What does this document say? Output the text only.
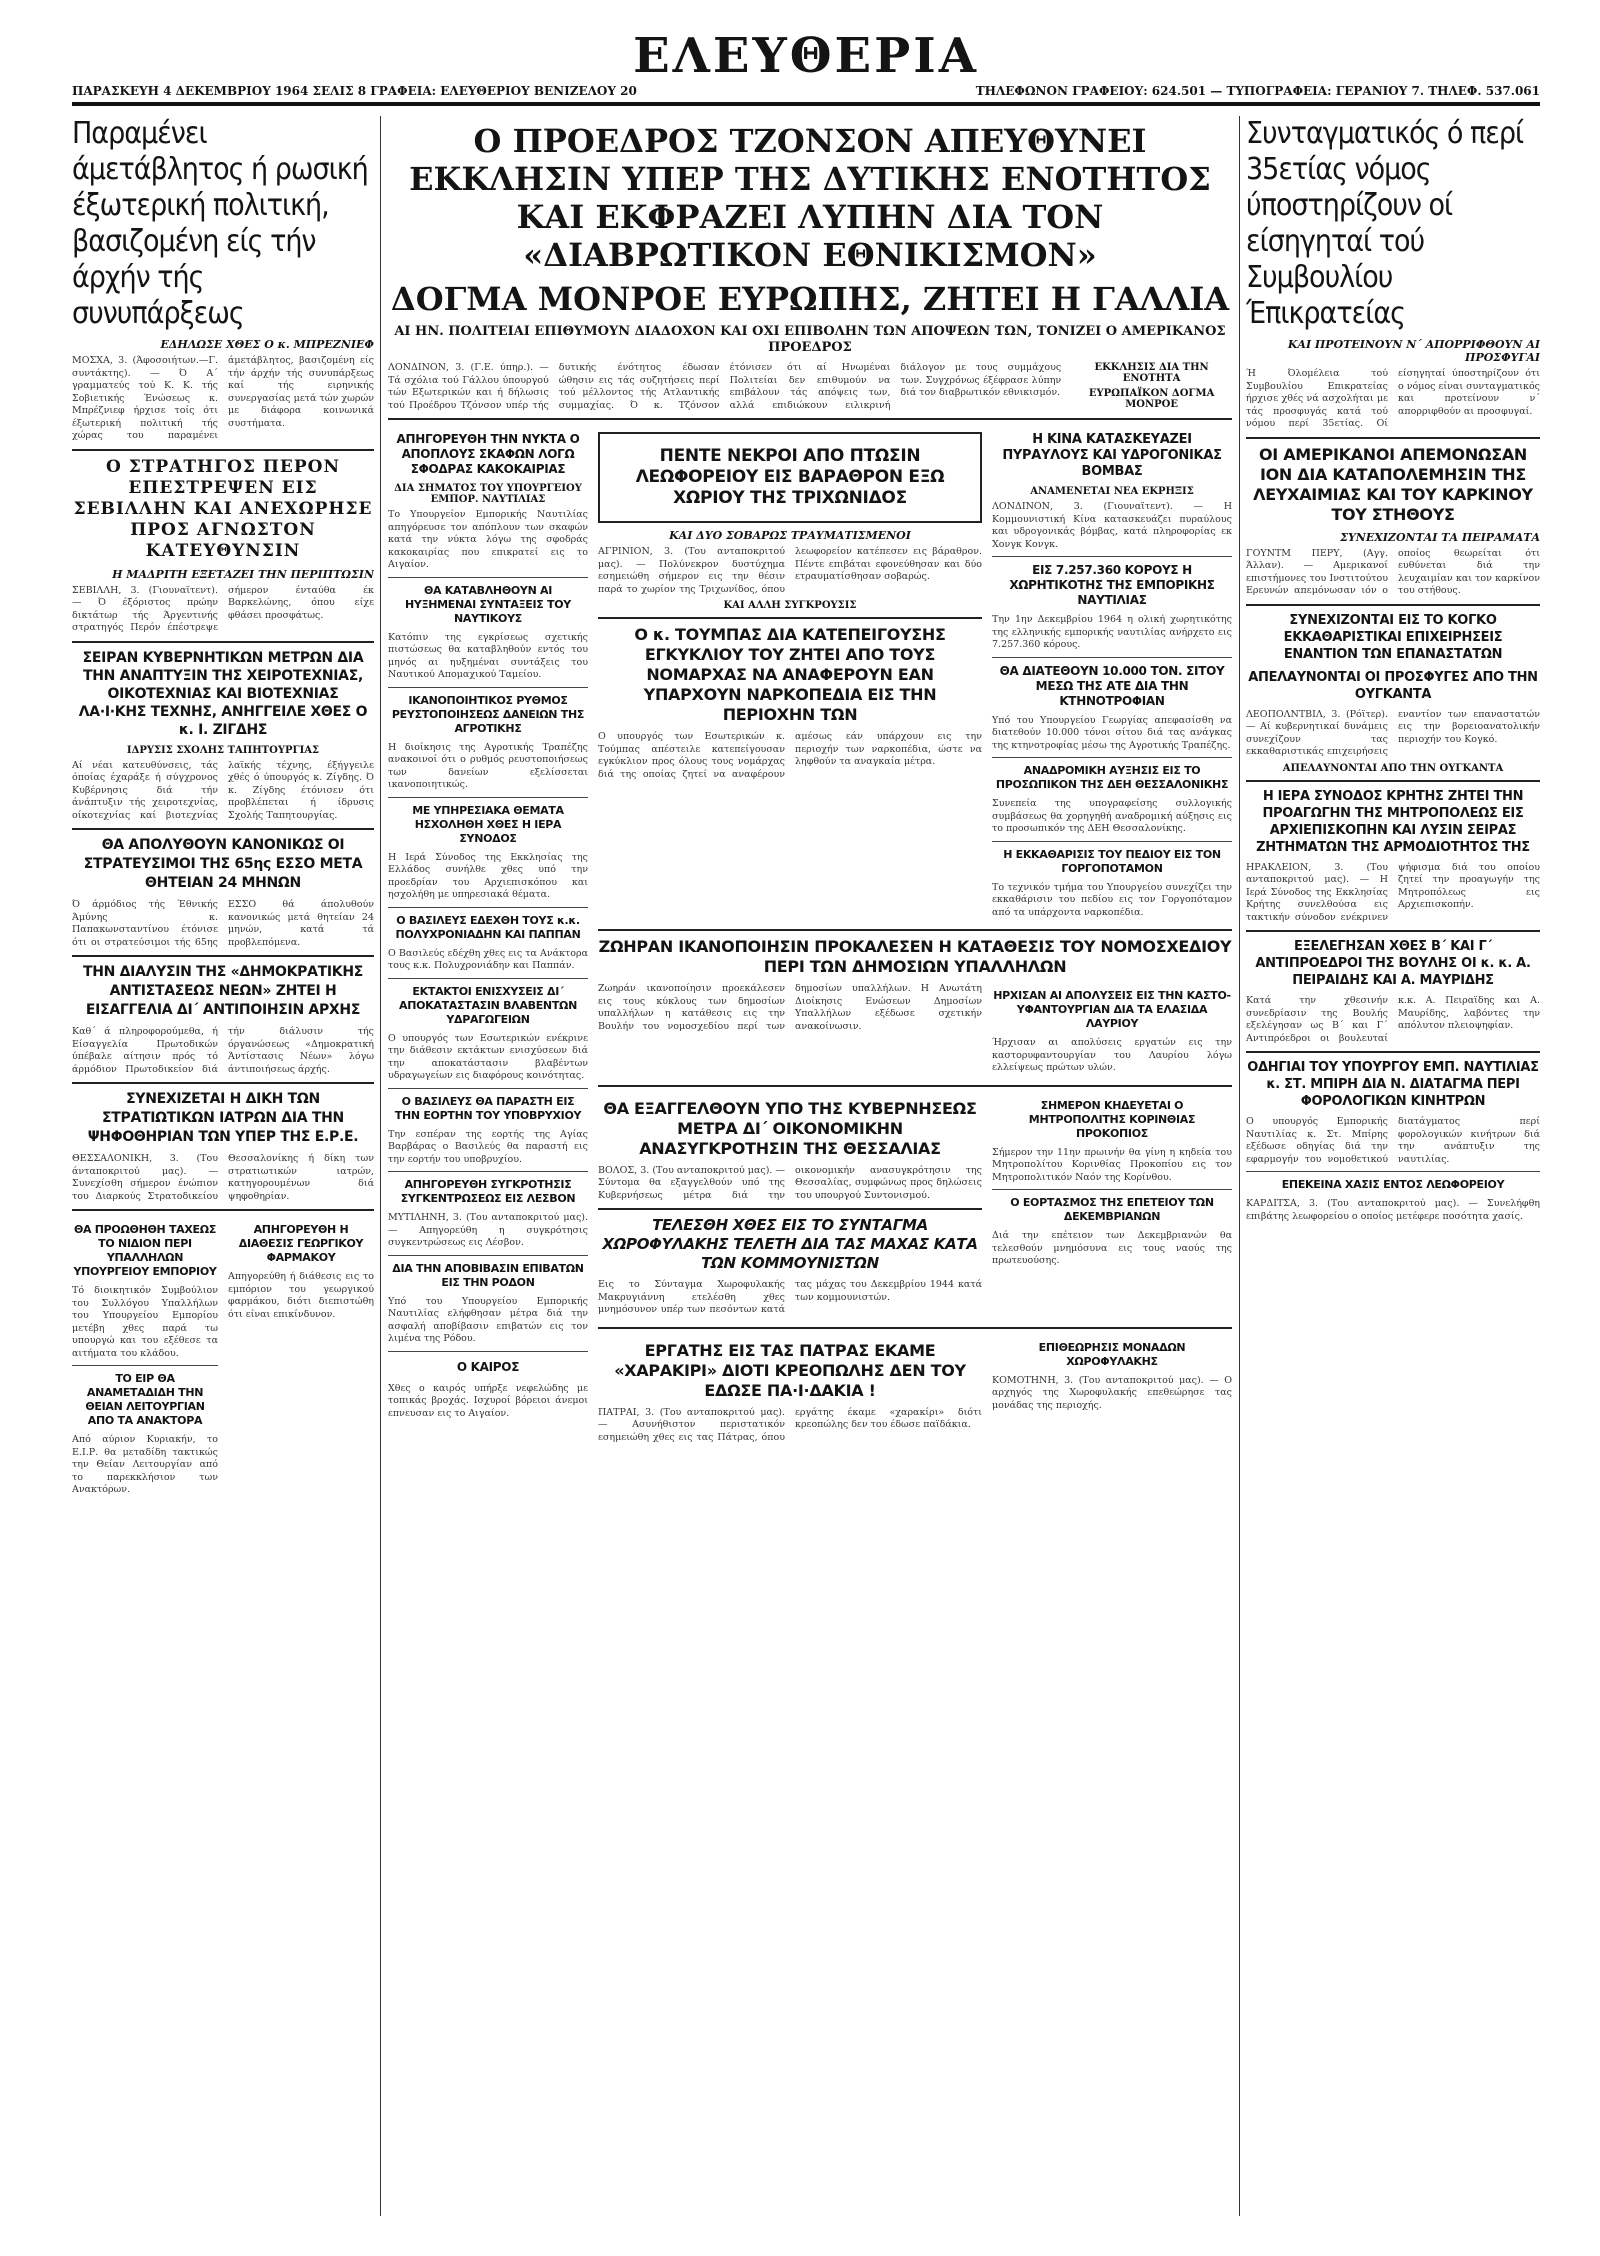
ΠΑΡΑΣΚΕΥΗ 4 ΔΕΚΕΜΒΡΙΟΥ 1964 ΣΕΛΙΣ 8 ΓΡΑΦΕΙΑ: ΕΛΕΥΘΕΡΙΟΥ ΒΕΝΙΖΕΛΟΥ 20
ΕΛΕΥΘΕΡΙΑ
ΤΗΛΕΦΩΝΟΝ ΓΡΑΦΕΙΟΥ: 624.501 — ΤΥΠΟΓΡΑΦΕΙΑ: ΓΕΡΑΝΙΟΥ 7. ΤΗΛΕΦ. 537.061
Παραμένει άμετάβλητος ή ρωσική έξωτερική πολιτική, βασιζομένη είς τήν άρχήν τής συνυπάρξεως
ΕΔΗΛΩΣΕ ΧΘΕΣ Ο κ. ΜΠΡΕΖΝΙΕΦ

ΜΟΣΧΑ, 3. (Άφοσοιήτων.—Γ. συντάκτης). — Ό Α΄ γραμματεύς τού Κ. Κ. τής Σοβιετικής Ένώσεως κ. Μπρέζνιεφ ήρχισε τοίς ότι έξωτερική πολιτική τής χώρας του παραμένει άμετάβλητος, βασιζομένη είς τήν άρχήν τής συνυπάρξεως καί τής ειρηνικής συνεργασίας μετά τών χωρών με διάφορα κοινωνικά συστήματα.

Ο ΣΤΡΑΤΗΓΟΣ ΠΕΡΟΝ ΕΠΕΣΤΡΕΨΕΝ ΕΙΣ ΣΕΒΙΛΛΗΝ ΚΑΙ ΑΝΕΧΩΡΗΣΕ ΠΡΟΣ ΑΓΝΩΣΤΟΝ ΚΑΤΕΥΘΥΝΣΙΝ
Η ΜΑΔΡΙΤΗ ΕΞΕΤΑΖΕΙ ΤΗΝ ΠΕΡΙΠΤΩΣΙΝ

ΣΕΒΙΛΛΗ, 3. (Γιουναϊτεντ). — Ό έξόριστος πρώην δικτάτωρ τής Άργεντινής στρατηγός Περόν έπέστρεψε σήμερον ένταύθα έκ Βαρκελώνης, όπου είχε φθάσει προσφάτως.

ΣΕΙΡΑΝ ΚΥΒΕΡΝΗΤΙΚΩΝ ΜΕΤΡΩΝ ΔΙΑ ΤΗΝ ΑΝΑΠΤΥΞΙΝ ΤΗΣ ΧΕΙΡΟΤΕΧΝΙΑΣ, ΟΙΚΟΤΕΧΝΙΑΣ ΚΑΙ ΒΙΟΤΕΧΝΙΑΣ ΛΑ·Ι·ΚΗΣ ΤΕΧΝΗΣ, ΑΝΗΓΓΕΙΛΕ ΧΘΕΣ Ο κ. Ι. ΖΙΓΔΗΣ
ΙΔΡΥΣΙΣ ΣΧΟΛΗΣ ΤΑΠΗΤΟΥΡΓΙΑΣ

Αί νέαι κατευθύνσεις, τάς όποίας έχαράξε ή σύγχρονος Κυβέρνησις διά τήν άνάπτυξιν τής χειροτεχνίας, οίκοτεχνίας καί βιοτεχνίας λαϊκής τέχνης, έξήγγειλε χθές ό ύπουργός κ. Ζίγδης. Ό κ. Ζίγδης έτόνισεν ότι προβλέπεται ή ίδρυσις Σχολής Ταπητουργίας.

ΘΑ ΑΠΟΛΥΘΟΥΝ ΚΑΝΟΝΙΚΩΣ ΟΙ ΣΤΡΑΤΕΥΣΙΜΟΙ ΤΗΣ 65ης ΕΣΣΟ ΜΕΤΑ ΘΗΤΕΙΑΝ 24 ΜΗΝΩΝ

Ό άρμόδιος τής Έθνικής Άμύνης κ. Παπακωνσταντίνου έτόνισε ότι οι στρατεύσιμοι τής 65ης ΕΣΣΟ θά άπολυθούν κανονικώς μετά θητείαν 24 μηνών, κατά τά προβλεπόμενα.

ΤΗΝ ΔΙΑΛΥΣΙΝ ΤΗΣ «ΔΗΜΟΚΡΑΤΙΚΗΣ ΑΝΤΙΣΤΑΣΕΩΣ ΝΕΩΝ» ΖΗΤΕΙ Η ΕΙΣΑΓΓΕΛΙΑ ΔΙ΄ ΑΝΤΙΠΟΙΗΣΙΝ ΑΡΧΗΣ

Καθ΄ ά πληροφορούμεθα, ή Είσαγγελία Πρωτοδικών ύπέβαλε αίτησιν πρός τό άρμόδιον Πρωτοδικείον διά τήν διάλυσιν τής όργανώσεως «Δημοκρατική Άντίστασις Νέων» λόγω άντιποιήσεως άρχής.

ΣΥΝΕΧΙΖΕΤΑΙ Η ΔΙΚΗ ΤΩΝ ΣΤΡΑΤΙΩΤΙΚΩΝ ΙΑΤΡΩΝ ΔΙΑ ΤΗΝ ΨΗΦΟΘΗΡΙΑΝ ΤΩΝ ΥΠΕΡ ΤΗΣ Ε.Ρ.Ε.

ΘΕΣΣΑΛΟΝΙΚΗ, 3. (Του άνταποκριτού μας). — Συνεχίσθη σήμερον ένώπιον του Διαρκούς Στρατοδικείου Θεσσαλονίκης ή δίκη των στρατιωτικών ιατρών, κατηγορουμένων διά ψηφοθηρίαν.

ΘΑ ΠΡΟΩΘΗΘΗ ΤΑΧΕΩΣ ΤΟ ΝΙΔΙΟΝ ΠΕΡΙ ΥΠΑΛΛΗΛΩΝ ΥΠΟΥΡΓΕΙΟΥ ΕΜΠΟΡΙΟΥ

Τό διοικητικόν Συμβούλιον του Συλλόγου Υπαλλήλων του Υπουργείου Εμπορίου μετέβη χθες παρά τω υπουργώ και του εξέθεσε τα αιτήματα του κλάδου.

ΤΟ ΕΙΡ ΘΑ ΑΝΑΜΕΤΑΔΙΔΗ ΤΗΝ ΘΕΙΑΝ ΛΕΙΤΟΥΡΓΙΑΝ ΑΠΟ ΤΑ ΑΝΑΚΤΟΡΑ

Από αύριον Κυριακήν, το Ε.Ι.Ρ. θα μεταδίδη τακτικώς την Θείαν Λειτουργίαν από το παρεκκλήσιον των Ανακτόρων.

ΑΠΗΓΟΡΕΥΘΗ Η ΔΙΑΘΕΣΙΣ ΓΕΩΡΓΙΚΟΥ ΦΑΡΜΑΚΟΥ

Απηγορεύθη ή διάθεσις εις το εμπόριον του γεωργικού φαρμάκου, διότι διεπιστώθη ότι είναι επικίνδυνον.

Ο ΠΡΟΕΔΡΟΣ ΤΖΟΝΣΟΝ ΑΠΕΥΘΥΝΕΙ ΕΚΚΛΗΣΙΝ ΥΠΕΡ ΤΗΣ ΔΥΤΙΚΗΣ ΕΝΟΤΗΤΟΣ ΚΑΙ ΕΚΦΡΑΖΕΙ ΛΥΠΗΝ ΔΙΑ ΤΟΝ «ΔΙΑΒΡΩΤΙΚΟΝ ΕΘΝΙΚΙΣΜΟΝ»
ΔΟΓΜΑ ΜΟΝΡΟΕ ΕΥΡΩΠΗΣ, ΖΗΤΕΙ Η ΓΑΛΛΙΑ
ΑΙ ΗΝ. ΠΟΛΙΤΕΙΑΙ ΕΠΙΘΥΜΟΥΝ ΔΙΑΔΟΧΟΝ ΚΑΙ ΟΧΙ ΕΠΙΒΟΛΗΝ ΤΩΝ ΑΠΟΨΕΩΝ ΤΩΝ, ΤΟΝΙΖΕΙ Ο ΑΜΕΡΙΚΑΝΟΣ ΠΡΟΕΔΡΟΣ

ΛΟΝΔΙΝΟΝ, 3. (Γ.Ε. ύπηρ.). — Τά σχόλια τού Γάλλου ύπουργού τών Εξωτερικών και ή δήλωσις τού Προέδρου Τζόνσον υπέρ τής δυτικής ένότητος έδωσαν ώθησιν εις τάς συζητήσεις περί τού μέλλοντος τής Ατλαντικής συμμαχίας. Ό κ. Τζόνσον έτόνισεν ότι αί Ηνωμέναι Πολιτείαι δεν επιθυμούν να επιβάλουν τάς απόψεις των, αλλά επιδιώκουν ειλικρινή διάλογον με τους συμμάχους των. Συγχρόνως έξέφρασε λύπην διά τον διαβρωτικόν εθνικισμόν.

ΕΚΚΛΗΣΙΣ ΔΙΑ ΤΗΝ ΕΝΟΤΗΤΑ
ΕΥΡΩΠΑΪΚΟΝ ΔΟΓΜΑ ΜΟΝΡΟΕ
ΑΠΗΓΟΡΕΥΘΗ ΤΗΝ ΝΥΚΤΑ Ο ΑΠΟΠΛΟΥΣ ΣΚΑΦΩΝ ΛΟΓΩ ΣΦΟΔΡΑΣ ΚΑΚΟΚΑΙΡΙΑΣ
ΔΙΑ ΣΗΜΑΤΟΣ ΤΟΥ ΥΠΟΥΡΓΕΙΟΥ ΕΜΠΟΡ. ΝΑΥΤΙΛΙΑΣ

Το Υπουργείον Εμπορικής Ναυτιλίας απηγόρευσε τον απόπλουν των σκαφών κατά την νύκτα λόγω της σφοδράς κακοκαιρίας που επικρατεί εις το Αιγαίον.

ΘΑ ΚΑΤΑΒΛΗΘΟΥΝ ΑΙ ΗΥΞΗΜΕΝΑΙ ΣΥΝΤΑΞΕΙΣ ΤΟΥ ΝΑΥΤΙΚΟΥΣ

Κατόπιν της εγκρίσεως σχετικής πιστώσεως θα καταβληθούν εντός του μηνός αι ηυξημέναι συντάξεις του Ναυτικού Απομαχικού Ταμείου.

ΙΚΑΝΟΠΟΙΗΤΙΚΟΣ ΡΥΘΜΟΣ ΡΕΥΣΤΟΠΟΙΗΣΕΩΣ ΔΑΝΕΙΩΝ ΤΗΣ ΑΓΡΟΤΙΚΗΣ

Η διοίκησις της Αγροτικής Τραπέζης ανακοινοί ότι ο ρυθμός ρευστοποιήσεως των δανείων εξελίσσεται ικανοποιητικώς.

ΜΕ ΥΠΗΡΕΣΙΑΚΑ ΘΕΜΑΤΑ ΗΣΧΟΛΗΘΗ ΧΘΕΣ Η ΙΕΡΑ ΣΥΝΟΔΟΣ

Η Ιερά Σύνοδος της Εκκλησίας της Ελλάδος συνήλθε χθες υπό την προεδρίαν του Αρχιεπισκόπου και ησχολήθη με υπηρεσιακά θέματα.

Ο ΒΑΣΙΛΕΥΣ ΕΔΕΧΘΗ ΤΟΥΣ κ.κ. ΠΟΛΥΧΡΟΝΙΑΔΗΝ ΚΑΙ ΠΑΠΠΑΝ

Ο Βασιλεύς εδέχθη χθες εις τα Ανάκτορα τους κ.κ. Πολυχρονιάδην και Παππάν.

ΕΚΤΑΚΤΟΙ ΕΝΙΣΧΥΣΕΙΣ ΔΙ΄ ΑΠΟΚΑΤΑΣΤΑΣΙΝ ΒΛΑΒΕΝΤΩΝ ΥΔΡΑΓΩΓΕΙΩΝ

Ο υπουργός των Εσωτερικών ενέκρινε την διάθεσιν εκτάκτων ενισχύσεων διά την αποκατάστασιν βλαβέντων υδραγωγείων εις διαφόρους κοινότητας.

Ο ΒΑΣΙΛΕΥΣ ΘΑ ΠΑΡΑΣΤΗ ΕΙΣ ΤΗΝ ΕΟΡΤΗΝ ΤΟΥ ΥΠΟΒΡΥΧΙΟΥ

Την εσπέραν της εορτής της Αγίας Βαρβάρας ο Βασιλεύς θα παραστή εις την εορτήν του υποβρυχίου.

ΑΠΗΓΟΡΕΥΘΗ ΣΥΓΚΡΟΤΗΣΙΣ ΣΥΓΚΕΝΤΡΩΣΕΩΣ ΕΙΣ ΛΕΣΒΟΝ

ΜΥΤΙΛΗΝΗ, 3. (Του ανταποκριτού μας). — Απηγορεύθη η συγκρότησις συγκεντρώσεως εις Λέσβον.

ΔΙΑ ΤΗΝ ΑΠΟΒΙΒΑΣΙΝ ΕΠΙΒΑΤΩΝ ΕΙΣ ΤΗΝ ΡΟΔΟΝ

Υπό του Υπουργείου Εμπορικής Ναυτιλίας ελήφθησαν μέτρα διά την ασφαλή αποβίβασιν επιβατών εις τον λιμένα της Ρόδου.

Ο ΚΑΙΡΟΣ

Χθες ο καιρός υπήρξε νεφελώδης με τοπικάς βροχάς. Ισχυροί βόρειοι άνεμοι επνευσαν εις το Αιγαίον.

ΠΕΝΤΕ ΝΕΚΡΟΙ ΑΠΟ ΠΤΩΣΙΝ ΛΕΩΦΟΡΕΙΟΥ ΕΙΣ ΒΑΡΑΘΡΟΝ ΕΞΩ ΧΩΡΙΟΥ ΤΗΣ ΤΡΙΧΩΝΙΔΟΣ
ΚΑΙ ΔΥΟ ΣΟΒΑΡΩΣ ΤΡΑΥΜΑΤΙΣΜΕΝΟΙ

ΑΓΡΙΝΙΟΝ, 3. (Του ανταποκριτού μας). — Πολύνεκρον δυστύχημα εσημειώθη σήμερον εις την θέσιν παρά το χωρίον της Τριχωνίδος, όπου λεωφορείον κατέπεσεν εις βάραθρον. Πέντε επιβάται εφονεύθησαν και δύο ετραυματίσθησαν σοβαρώς.

ΚΑΙ ΑΛΛΗ ΣΥΓΚΡΟΥΣΙΣ
Ο κ. ΤΟΥΜΠΑΣ ΔΙΑ ΚΑΤΕΠΕΙΓΟΥΣΗΣ ΕΓΚΥΚΛΙΟΥ ΤΟΥ ΖΗΤΕΙ ΑΠΟ ΤΟΥΣ ΝΟΜΑΡΧΑΣ ΝΑ ΑΝΑΦΕΡΟΥΝ ΕΑΝ ΥΠΑΡΧΟΥΝ ΝΑΡΚΟΠΕΔΙΑ ΕΙΣ ΤΗΝ ΠΕΡΙΟΧΗΝ ΤΩΝ

Ο υπουργός των Εσωτερικών κ. Τούμπας απέστειλε κατεπείγουσαν εγκύκλιον προς όλους τους νομάρχας διά της οποίας ζητεί να αναφέρουν αμέσως εάν υπάρχουν εις την περιοχήν των ναρκοπέδια, ώστε να ληφθούν τα αναγκαία μέτρα.

Η ΚΙΝΑ ΚΑΤΑΣΚΕΥΑΖΕΙ ΠΥΡΑΥΛΟΥΣ ΚΑΙ ΥΔΡΟΓΟΝΙΚΑΣ ΒΟΜΒΑΣ
ΑΝΑΜΕΝΕΤΑΙ ΝΕΑ ΕΚΡΗΞΙΣ

ΛΟΝΔΙΝΟΝ, 3. (Γιουναϊτεντ). — Η Κομμουνιστική Κίνα κατασκευάζει πυραύλους και υδρογονικάς βόμβας, κατά πληροφορίας εκ Χονγκ Κονγκ.

ΕΙΣ 7.257.360 ΚΟΡΟΥΣ Η ΧΩΡΗΤΙΚΟΤΗΣ ΤΗΣ ΕΜΠΟΡΙΚΗΣ ΝΑΥΤΙΛΙΑΣ

Την 1ην Δεκεμβρίου 1964 η ολική χωρητικότης της ελληνικής εμπορικής ναυτιλίας ανήρχετο εις 7.257.360 κόρους.

ΘΑ ΔΙΑΤΕΘΟΥΝ 10.000 ΤΟΝ. ΣΙΤΟΥ ΜΕΣΩ ΤΗΣ ΑΤΕ ΔΙΑ ΤΗΝ ΚΤΗΝΟΤΡΟΦΙΑΝ

Υπό του Υπουργείου Γεωργίας απεφασίσθη να διατεθούν 10.000 τόνοι σίτου διά τας ανάγκας της κτηνοτροφίας μέσω της Αγροτικής Τραπέζης.

ΑΝΑΔΡΟΜΙΚΗ ΑΥΞΗΣΙΣ ΕΙΣ ΤΟ ΠΡΟΣΩΠΙΚΟΝ ΤΗΣ ΔΕΗ ΘΕΣΣΑΛΟΝΙΚΗΣ

Συνεπεία της υπογραφείσης συλλογικής συμβάσεως θα χορηγηθή αναδρομική αύξησις εις το προσωπικόν της ΔΕΗ Θεσσαλονίκης.

Η ΕΚΚΑΘΑΡΙΣΙΣ ΤΟΥ ΠΕΔΙΟΥ ΕΙΣ ΤΟΝ ΓΟΡΓΟΠΟΤΑΜΟΝ

Το τεχνικόν τμήμα του Υπουργείου συνεχίζει την εκκαθάρισιν του πεδίου εις τον Γοργοπόταμον από τα υπάρχοντα ναρκοπέδια.

ΖΩΗΡΑΝ ΙΚΑΝΟΠΟΙΗΣΙΝ ΠΡΟΚΑΛΕΣΕΝ Η ΚΑΤΑΘΕΣΙΣ ΤΟΥ ΝΟΜΟΣΧΕΔΙΟΥ ΠΕΡΙ ΤΩΝ ΔΗΜΟΣΙΩΝ ΥΠΑΛΛΗΛΩΝ

Ζωηράν ικανοποίησιν προεκάλεσεν εις τους κύκλους των δημοσίων υπαλλήλων η κατάθεσις εις την Βουλήν του νομοσχεδίου περί των δημοσίων υπαλλήλων. Η Ανωτάτη Διοίκησις Ενώσεων Δημοσίων Υπαλλήλων εξέδωσε σχετικήν ανακοίνωσιν.

ΗΡΧΙΣΑΝ ΑΙ ΑΠΟΛΥΣΕΙΣ ΕΙΣ ΤΗΝ ΚΑΣΤΟ-ΥΦΑΝΤΟΥΡΓΙΑΝ ΔΙΑ ΤΑ ΕΛΑΣΙΔΑ ΛΑΥΡΙΟΥ

Ήρχισαν αι απολύσεις εργατών εις την καστορυφαντουργίαν του Λαυρίου λόγω ελλείψεως πρώτων υλών.

ΘΑ ΕΞΑΓΓΕΛΘΟΥΝ ΥΠΟ ΤΗΣ ΚΥΒΕΡΝΗΣΕΩΣ ΜΕΤΡΑ ΔΙ΄ ΟΙΚΟΝΟΜΙΚΗΝ ΑΝΑΣΥΓΚΡΟΤΗΣΙΝ ΤΗΣ ΘΕΣΣΑΛΙΑΣ

ΒΟΛΟΣ, 3. (Του ανταποκριτού μας). — Σύντομα θα εξαγγελθούν υπό της Κυβερνήσεως μέτρα διά την οικονομικήν ανασυγκρότησιν της Θεσσαλίας, συμφώνως προς δηλώσεις του υπουργού Συντονισμού.

ΤΕΛΕΣΘΗ ΧΘΕΣ ΕΙΣ ΤΟ ΣΥΝΤΑΓΜΑ ΧΩΡΟΦΥΛΑΚΗΣ ΤΕΛΕΤΗ ΔΙΑ ΤΑΣ ΜΑΧΑΣ ΚΑΤΑ ΤΩΝ ΚΟΜΜΟΥΝΙΣΤΩΝ

Εις το Σύνταγμα Χωροφυλακής Μακρυγιάννη ετελέσθη χθες μνημόσυνον υπέρ των πεσόντων κατά τας μάχας του Δεκεμβρίου 1944 κατά των κομμουνιστών.

ΣΗΜΕΡΟΝ ΚΗΔΕΥΕΤΑΙ Ο ΜΗΤΡΟΠΟΛΙΤΗΣ ΚΟΡΙΝΘΙΑΣ ΠΡΟΚΟΠΙΟΣ

Σήμερον την 11ην πρωινήν θα γίνη η κηδεία του Μητροπολίτου Κορινθίας Προκοπίου εις τον Μητροπολιτικόν Ναόν της Κορίνθου.

Ο ΕΟΡΤΑΣΜΟΣ ΤΗΣ ΕΠΕΤΕΙΟΥ ΤΩΝ ΔΕΚΕΜΒΡΙΑΝΩΝ

Διά την επέτειον των Δεκεμβριανών θα τελεσθούν μνημόσυνα εις τους ναούς της πρωτευούσης.

ΕΡΓΑΤΗΣ ΕΙΣ ΤΑΣ ΠΑΤΡΑΣ ΕΚΑΜΕ «ΧΑΡΑΚΙΡΙ» ΔΙΟΤΙ ΚΡΕΟΠΩΛΗΣ ΔΕΝ ΤΟΥ ΕΔΩΣΕ ΠΑ·Ι·ΔΑΚΙΑ !

ΠΑΤΡΑΙ, 3. (Του ανταποκριτού μας). — Ασυνήθιστον περιστατικόν εσημειώθη χθες εις τας Πάτρας, όπου εργάτης έκαμε «χαρακίρι» διότι κρεοπώλης δεν του έδωσε παϊδάκια.

ΕΠΙΘΕΩΡΗΣΙΣ ΜΟΝΑΔΩΝ ΧΩΡΟΦΥΛΑΚΗΣ

ΚΟΜΟΤΗΝΗ, 3. (Του ανταποκριτού μας). — Ο αρχηγός της Χωροφυλακής επεθεώρησε τας μονάδας της περιοχής.

Συνταγματικός ό περί 35ετίας νόμος ύποστηρίζουν οί είσηγηταί τού Συμβουλίου Έπικρατείας
ΚΑΙ ΠΡΟΤΕΙΝΟΥΝ Ν΄ ΑΠΟΡΡΙΦΘΟΥΝ ΑΙ ΠΡΟΣΦΥΓΑΙ

Ή Όλομέλεια τού Συμβουλίου Επικρατείας ήρχισε χθές νά ασχολήται με τάς προσφυγάς κατά τού νόμου περί 35ετίας. Οί είσηγηταί ύποστηρίζουν ότι ο νόμος είναι συνταγματικός και προτείνουν ν΄ απορριφθούν αι προσφυγαί.

ΟΙ ΑΜΕΡΙΚΑΝΟΙ ΑΠΕΜΟΝΩΣΑΝ ΙΟΝ ΔΙΑ ΚΑΤΑΠΟΛΕΜΗΣΙΝ ΤΗΣ ΛΕΥΧΑΙΜΙΑΣ ΚΑΙ ΤΟΥ ΚΑΡΚΙΝΟΥ ΤΟΥ ΣΤΗΘΟΥΣ
ΣΥΝΕΧΙΖΟΝΤΑΙ ΤΑ ΠΕΙΡΑΜΑΤΑ

ΓΟΥΝΤΜ ΠΕΡΥ, (Αγγ. Άλλαν). — Αμερικανοί επιστήμονες του Ινστιτούτου Ερευνών απεμόνωσαν ιόν ο οποίος θεωρείται ότι ευθύνεται διά την λευχαιμίαν και τον καρκίνον του στήθους.

ΣΥΝΕΧΙΖΟΝΤΑΙ ΕΙΣ ΤΟ ΚΟΓΚΟ ΕΚΚΑΘΑΡΙΣΤΙΚΑΙ ΕΠΙΧΕΙΡΗΣΕΙΣ ΕΝΑΝΤΙΟΝ ΤΩΝ ΕΠΑΝΑΣΤΑΤΩΝ
ΑΠΕΛΑΥΝΟΝΤΑΙ ΟΙ ΠΡΟΣΦΥΓΕΣ ΑΠΟ ΤΗΝ ΟΥΓΚΑΝΤΑ

ΛΕΟΠΟΛΝΤΒΙΛ, 3. (Ρόϊτερ). — Αί κυβερνητικαί δυνάμεις συνεχίζουν τας εκκαθαριστικάς επιχειρήσεις εναντίον των επαναστατών εις την βορειοανατολικήν περιοχήν του Κογκό.

ΑΠΕΛΑΥΝΟΝΤΑΙ ΑΠΟ ΤΗΝ ΟΥΓΚΑΝΤΑ
Η ΙΕΡΑ ΣΥΝΟΔΟΣ ΚΡΗΤΗΣ ΖΗΤΕΙ ΤΗΝ ΠΡΟΑΓΩΓΗΝ ΤΗΣ ΜΗΤΡΟΠΟΛΕΩΣ ΕΙΣ ΑΡΧΙΕΠΙΣΚΟΠΗΝ ΚΑΙ ΛΥΣΙΝ ΣΕΙΡΑΣ ΖΗΤΗΜΑΤΩΝ ΤΗΣ ΑΡΜΟΔΙΟΤΗΤΟΣ ΤΗΣ

ΗΡΑΚΛΕΙΟΝ, 3. (Του ανταποκριτού μας). — Η Ιερά Σύνοδος της Εκκλησίας Κρήτης συνελθούσα εις τακτικήν σύνοδον ενέκρινεν ψήφισμα διά του οποίου ζητεί την προαγωγήν της Μητροπόλεως εις Αρχιεπισκοπήν.

ΕΞΕΛΕΓΗΣΑΝ ΧΘΕΣ Β΄ ΚΑΙ Γ΄ ΑΝΤΙΠΡΟΕΔΡΟΙ ΤΗΣ ΒΟΥΛΗΣ ΟΙ κ. κ. Α. ΠΕΙΡΑΙΔΗΣ ΚΑΙ Α. ΜΑΥΡΙΔΗΣ

Κατά την χθεσινήν συνεδρίασιν της Βουλής εξελέγησαν ως Β΄ και Γ΄ Αντιπρόεδροι οι βουλευταί κ.κ. Α. Πειραϊδης και Α. Μαυρίδης, λαβόντες την απόλυτον πλειοψηφίαν.

ΟΔΗΓΙΑΙ ΤΟΥ ΥΠΟΥΡΓΟΥ ΕΜΠ. ΝΑΥΤΙΛΙΑΣ κ. ΣΤ. ΜΠΙΡΗ ΔΙΑ Ν. ΔΙΑΤΑΓΜΑ ΠΕΡΙ ΦΟΡΟΛΟΓΙΚΩΝ ΚΙΝΗΤΡΩΝ

Ο υπουργός Εμπορικής Ναυτιλίας κ. Στ. Μπίρης εξέδωσε οδηγίας διά την εφαρμογήν του νομοθετικού διατάγματος περί φορολογικών κινήτρων διά την ανάπτυξιν της ναυτιλίας.

ΕΠΕΚΕΙΝΑ ΧΑΣΙΣ ΕΝΤΟΣ ΛΕΩΦΟΡΕΙΟΥ

ΚΑΡΔΙΤΣΑ, 3. (Του ανταποκριτού μας). — Συνελήφθη επιβάτης λεωφορείου ο οποίος μετέφερε ποσότητα χασίς.
